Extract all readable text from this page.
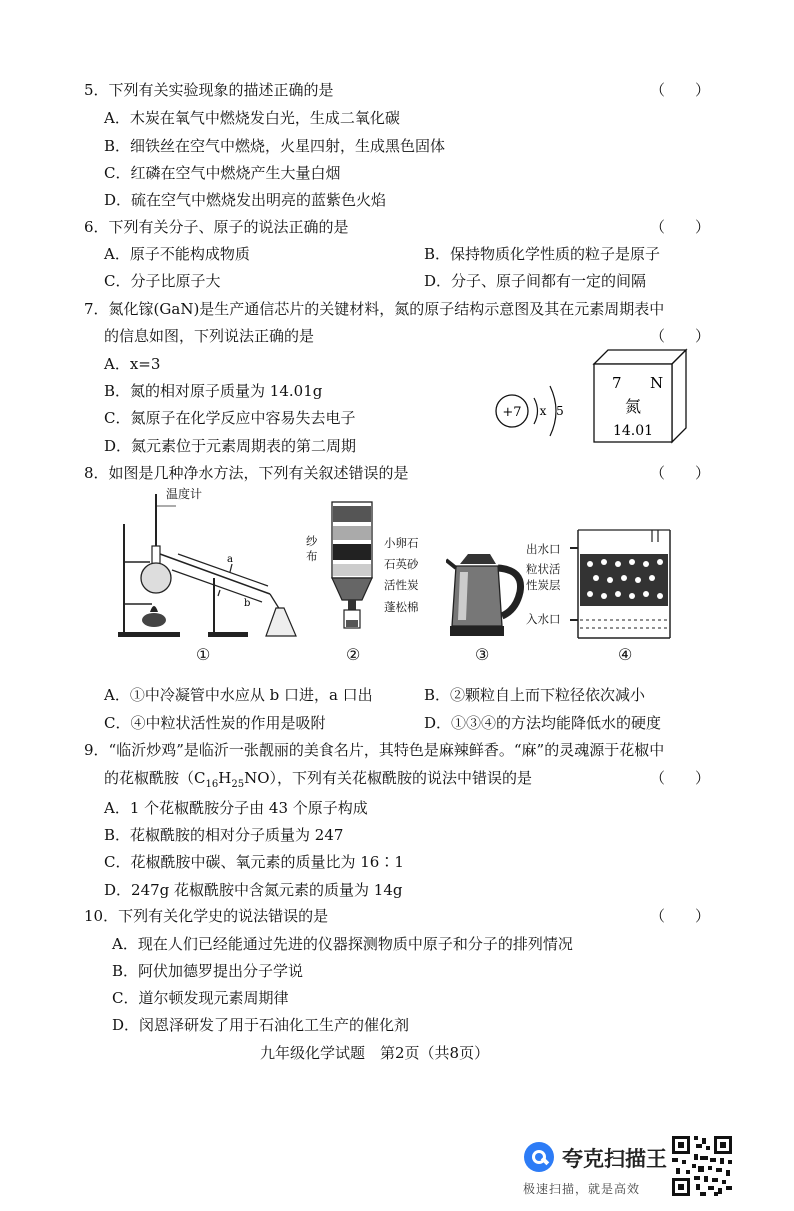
5．下列有关实验现象的描述正确的是	（　　）
A．木炭在氧气中燃烧发白光，生成二氧化碳
B．细铁丝在空气中燃烧，火星四射，生成黑色固体
C．红磷在空气中燃烧产生大量白烟
D．硫在空气中燃烧发出明亮的蓝紫色火焰
6．下列有关分子、原子的说法正确的是	（　　）
A．原子不能构成物质	B．保持物质化学性质的粒子是原子
C．分子比原子大	D．分子、原子间都有一定的间隔
7．氮化镓(GaN)是生产通信芯片的关键材料，氮的原子结构示意图及其在元素周期表中
的信息如图，下列说法正确的是	（　　）
A．x=3
B．氮的相对原子质量为 14.01g
C．氮原子在化学反应中容易失去电子
D．氮元素位于元素周期表的第二周期
+7 x 5
7 N
氮
14.01
8．如图是几种净水方法，下列有关叙述错误的是	（　　）
a
b
温度计
①
纱
布
小卵石
石英砂
活性炭
蓬松棉
②	③
出水口
粒状活
性炭层
入水口
④
A．①中冷凝管中水应从 b 口进，a 口出	B．②颗粒自上而下粒径依次减小
C．④中粒状活性炭的作用是吸附	D．①③④的方法均能降低水的硬度
9．“临沂炒鸡”是临沂一张靓丽的美食名片，其特色是麻辣鲜香。“麻”的灵魂源于花椒中
的花椒酰胺$(C_{16}H_{25}NO)$，下列有关花椒酰胺的说法中错误的是	（　　）
A．1 个花椒酰胺分子由 43 个原子构成
B．花椒酰胺的相对分子质量为 247
C．花椒酰胺中碳、氧元素的质量比为 16∶1
D．247g 花椒酰胺中含氮元素的质量为 14g
10．下列有关化学史的说法错误的是	（　　）
A．现在人们已经能通过先进的仪器探测物质中原子和分子的排列情况
B．阿伏加德罗提出分子学说
C．道尔顿发现元素周期律
D．闵恩泽研发了用于石油化工生产的催化剂
九年级化学试题　第2页（共8页）
夸克扫描王
极速扫描，就是高效
